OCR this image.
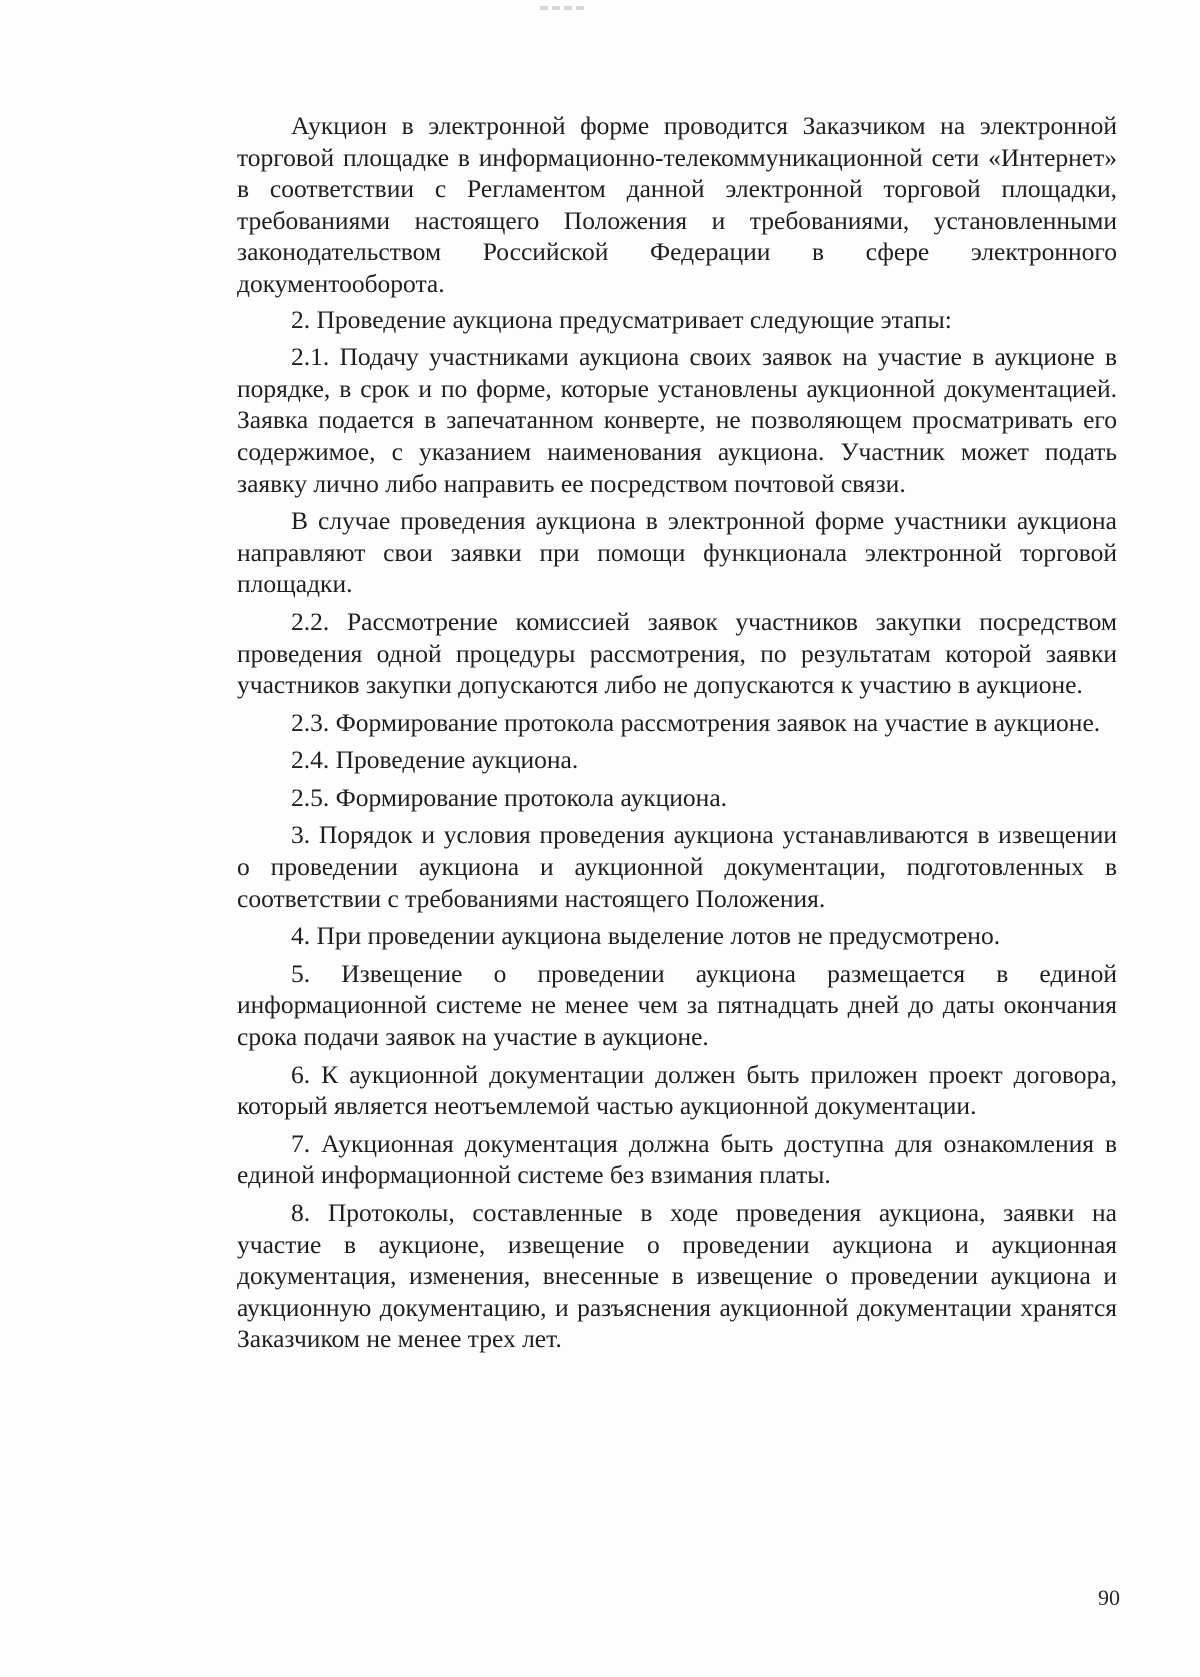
Аукцион в электронной форме проводится Заказчиком на электронной торговой площадке в информационно-телекоммуникационной сети «Интернет» в соответствии с Регламентом данной электронной торговой площадки, требованиями настоящего Положения и требованиями, установленными законодательством Российской Федерации в сфере электронного документооборота.

2. Проведение аукциона предусматривает следующие этапы:

2.1. Подачу участниками аукциона своих заявок на участие в аукционе в порядке, в срок и по форме, которые установлены аукционной документацией. Заявка подается в запечатанном конверте, не позволяющем просматривать его содержимое, с указанием наименования аукциона. Участник может подать заявку лично либо направить ее посредством почтовой связи.

В случае проведения аукциона в электронной форме участники аукциона направляют свои заявки при помощи функционала электронной торговой площадки.

2.2. Рассмотрение комиссией заявок участников закупки посредством проведения одной процедуры рассмотрения, по результатам которой заявки участников закупки допускаются либо не допускаются к участию в аукционе.

2.3. Формирование протокола рассмотрения заявок на участие в аукционе.

2.4. Проведение аукциона.

2.5. Формирование протокола аукциона.

3. Порядок и условия проведения аукциона устанавливаются в извещении о проведении аукциона и аукционной документации, подготовленных в соответствии с требованиями настоящего Положения.

4. При проведении аукциона выделение лотов не предусмотрено.

5. Извещение о проведении аукциона размещается в единой информационной системе не менее чем за пятнадцать дней до даты окончания срока подачи заявок на участие в аукционе.

6. К аукционной документации должен быть приложен проект договора, который является неотъемлемой частью аукционной документации.

7. Аукционная документация должна быть доступна для ознакомления в единой информационной системе без взимания платы.

8. Протоколы, составленные в ходе проведения аукциона, заявки на участие в аукционе, извещение о проведении аукциона и аукционная документация, изменения, внесенные в извещение о проведении аукциона и аукционную документацию, и разъяснения аукционной документации хранятся Заказчиком не менее трех лет.

90
